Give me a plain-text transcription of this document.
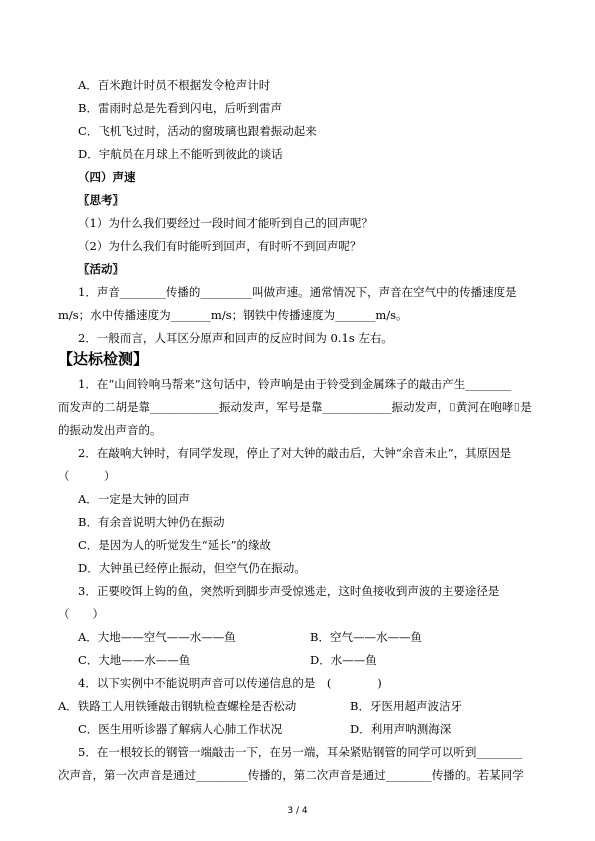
A．百米跑计时员不根据发令枪声计时
B．雷雨时总是先看到闪电，后听到雷声
C．飞机飞过时，活动的窗玻璃也跟着振动起来
D．宇航员在月球上不能听到彼此的谈话
（四）声速
〖思考〗
（1）为什么我们要经过一段时间才能听到自己的回声呢？
（2）为什么我们有时能听到回声，有时听不到回声呢？
〖活动〗
1．声音________传播的_________叫做声速。通常情况下，声音在空气中的传播速度是
m/s；水中传播速度为_______m/s；钢铁中传播速度为_______m/s。
2．一般而言，人耳区分原声和回声的反应时间为 0.1s 左右。
【达标检测】
1．在“山间铃响马帮来”这句话中，铃声响是由于铃受到金属珠子的敲击产生________
而发声的二胡是靠____________振动发声，军号是靠____________振动发声，⌷黄河在咆哮⌷是
的振动发出声音的。
2．在敲响大钟时，有同学发现，停止了对大钟的敲击后，大钟“余音未止”，其原因是
（　　　）
A．一定是大钟的回声
B．有余音说明大钟仍在振动
C．是因为人的听觉发生“延长”的缘故
D．大钟虽已经停止振动，但空气仍在振动。
3．正要咬饵上钩的鱼，突然听到脚步声受惊逃走，这时鱼接收到声波的主要途径是
（　　）
A．大地——空气——水——鱼	B．空气——水——鱼
C．大地——水——鱼	D．水——鱼
4．以下实例中不能说明声音可以传递信息的是　(　　　　)
A．铁路工人用铁锤敲击钢轨检查螺栓是否松动	B．牙医用超声波洁牙
C．医生用听诊器了解病人心肺工作状况	D．利用声呐测海深
5．在一根较长的钢管一端敲击一下，在另一端，耳朵紧贴钢管的同学可以听到________
次声音，第一次声音是通过_________传播的，第二次声音是通过________传播的。若某同学
3 / 4
